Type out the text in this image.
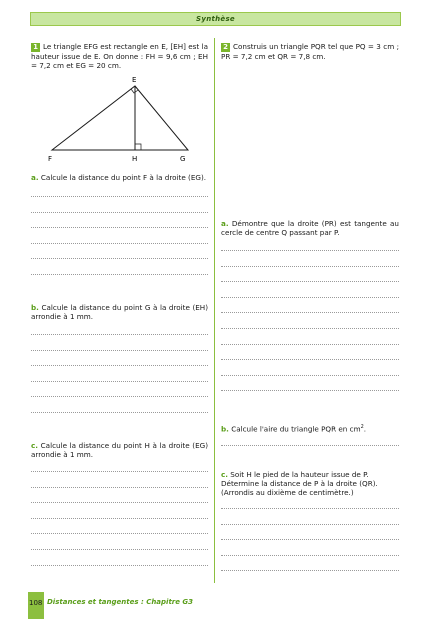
Synthèse
1 Le triangle EFG est rectangle en E, [EH] est la hauteur issue de E. On donne : FH = 9,6 cm ; EH = 7,2 cm et EG = 20 cm.
E
F	H	G
a. Calcule la distance du point F à la droite (EG).
b. Calcule la distance du point G à la droite (EH) arrondie à 1 mm.
c. Calcule la distance du point H à la droite (EG) arrondie à 1 mm.
2 Construis un triangle PQR tel que PQ = 3 cm ; PR = 7,2 cm et QR = 7,8 cm.
a. Démontre que la droite (PR) est tangente au cercle de centre Q passant par P.
b. Calcule l'aire du triangle PQR en $cm^2$.
c. Soit H le pied de la hauteur issue de P. Détermine la distance de P à la droite (QR). (Arrondis au dixième de centimètre.)
108 Distances et tangentes : Chapitre G3
